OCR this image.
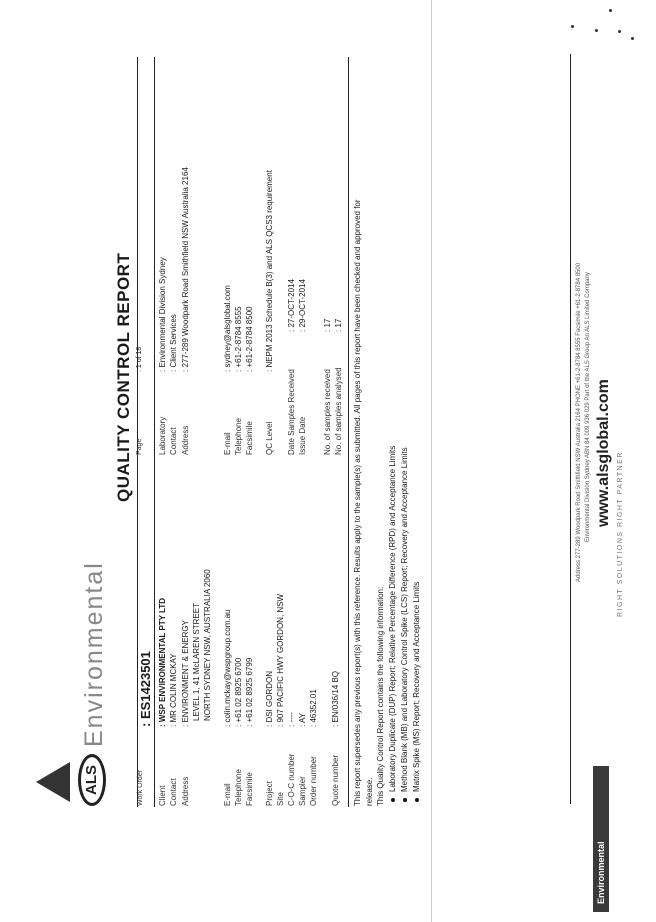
ALS
Environmental
QUALITY CONTROL REPORT
Work Order
: ES1423501
Page
: 1 of 18
Client
: WSP ENVIRONMENTAL PTY LTD
Contact
: MR COLIN MCKAY
Address
: ENVIRONMENT & ENERGY LEVEL 1, 41 McLAREN STREET NORTH SYDNEY NSW, AUSTRALIA 2060
E-mail
: colin.mckay@wspgroup.com.au
Telephone
: +61 02 8925 6700
Facsimile
: +61 02 8925 6799
Project
: DSI GORDON
Site
: 907 PACIFIC HWY GORDON, NSW
C-O-C number
: ----
Sampler
: AY
Order number
: 46352.01
Quote number
: EN/036/14 BQ
Laboratory
: Environmental Division Sydney
Contact
: Client Services
Address
: 277-289 Woodpark Road Smithfield NSW Australia 2164
E-mail
: sydney@alsglobal.com
Telephone
: +61-2-8784 8555
Facsimile
: +61-2-8784 8500
QC Level
: NEPM 2013 Schedule B(3) and ALS QCS3 requirement
Date Samples Received
: 27-OCT-2014
Issue Date
: 29-OCT-2014
No. of samples received
: 17
No. of samples analysed
: 17 This report supersedes any previous report(s) with this reference. Results apply to the sample(s) as submitted. All pages of this report have been checked and approved for release. This Quality Control Report contains the following information: Laboratory Duplicate (DUP) Report; Relative Percentage Difference (RPD) and Acceptance Limits Method Blank (MB) and Laboratory Control Spike (LCS) Report; Recovery and Acceptance Limits Matrix Spike (MS) Report; Recovery and Acceptance Limits
Address 277-289 Woodpark Road Smithfield NSW Australia 2164 PHONE +61-2-8784 8555 Facsimile +61-2-8784 8500 Environmental Division Sydney ABN 84 009 936 029 Part of the ALS Group An ALS Limited Company www.alsglobal.com RIGHT SOLUTIONS RIGHT PARTNER
Environmental
